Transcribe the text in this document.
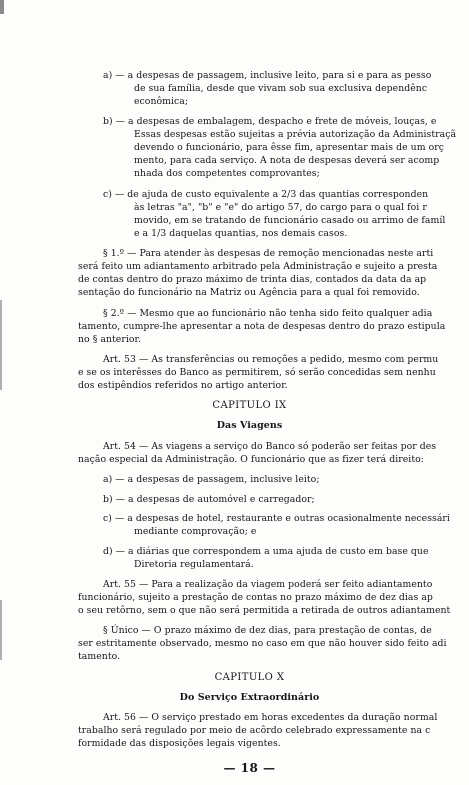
a) — a despesas de passagem, inclusive leito, para si e para as pesso
de sua família, desde que vivam sob sua exclusiva dependênc
econômica;
b) — a despesas de embalagem, despacho e frete de móveis, louças, e
Essas despesas estão sujeitas a prévia autorização da Administraçã
devendo o funcionário, para êsse fim, apresentar mais de um orç
mento, para cada serviço. A nota de despesas deverá ser acomp
nhada dos competentes comprovantes;
c) — de ajuda de custo equivalente a 2/3 das quantias corresponden
às letras "a", "b" e "e" do artigo 57, do cargo para o qual foi r
movido, em se tratando de funcionário casado ou arrimo de famíl
e a 1/3 daquelas quantias, nos demais casos.
§ 1.º — Para atender às despesas de remoção mencionadas neste arti
será feito um adiantamento arbitrado pela Administração e sujeito a presta
de contas dentro do prazo máximo de trinta dias, contados da data da ap
sentação do funcionário na Matriz ou Agência para a qual foi removido.
§ 2.º — Mesmo que ao funcionário não tenha sido feito qualquer adia
tamento, cumpre-lhe apresentar a nota de despesas dentro do prazo estipula
no § anterior.
Art. 53 — As transferências ou remoções a pedido, mesmo com permu
e se os interêsses do Banco as permitirem, só serão concedidas sem nenhu
dos estipêndios referidos no artigo anterior.
CAPITULO IX
Das Viagens
Art. 54 — As viagens a serviço do Banco só poderão ser feitas por des
nação especial da Administração. O funcionário que as fizer terá direito:
a) — a despesas de passagem, inclusive leito;
b) — a despesas de automóvel e carregador;
c) — a despesas de hotel, restaurante e outras ocasionalmente necessári
mediante comprovação; e
d) — a diárias que correspondem a uma ajuda de custo em base que
Diretoria regulamentará.
Art. 55 — Para a realização da viagem poderá ser feito adiantamento
funcionário, sujeito a prestação de contas no prazo máximo de dez dias ap
o seu retôrno, sem o que não será permitida a retirada de outros adiantament
§ Único — O prazo máximo de dez dias, para prestação de contas, de
ser estritamente observado, mesmo no caso em que não houver sido feito adi
tamento.
CAPITULO X
Do Serviço Extraordinário
Art. 56 — O serviço prestado em horas excedentes da duração normal
trabalho será regulado por meio de acôrdo celebrado expressamente na c
formidade das disposições legais vigentes.
— 18 —
